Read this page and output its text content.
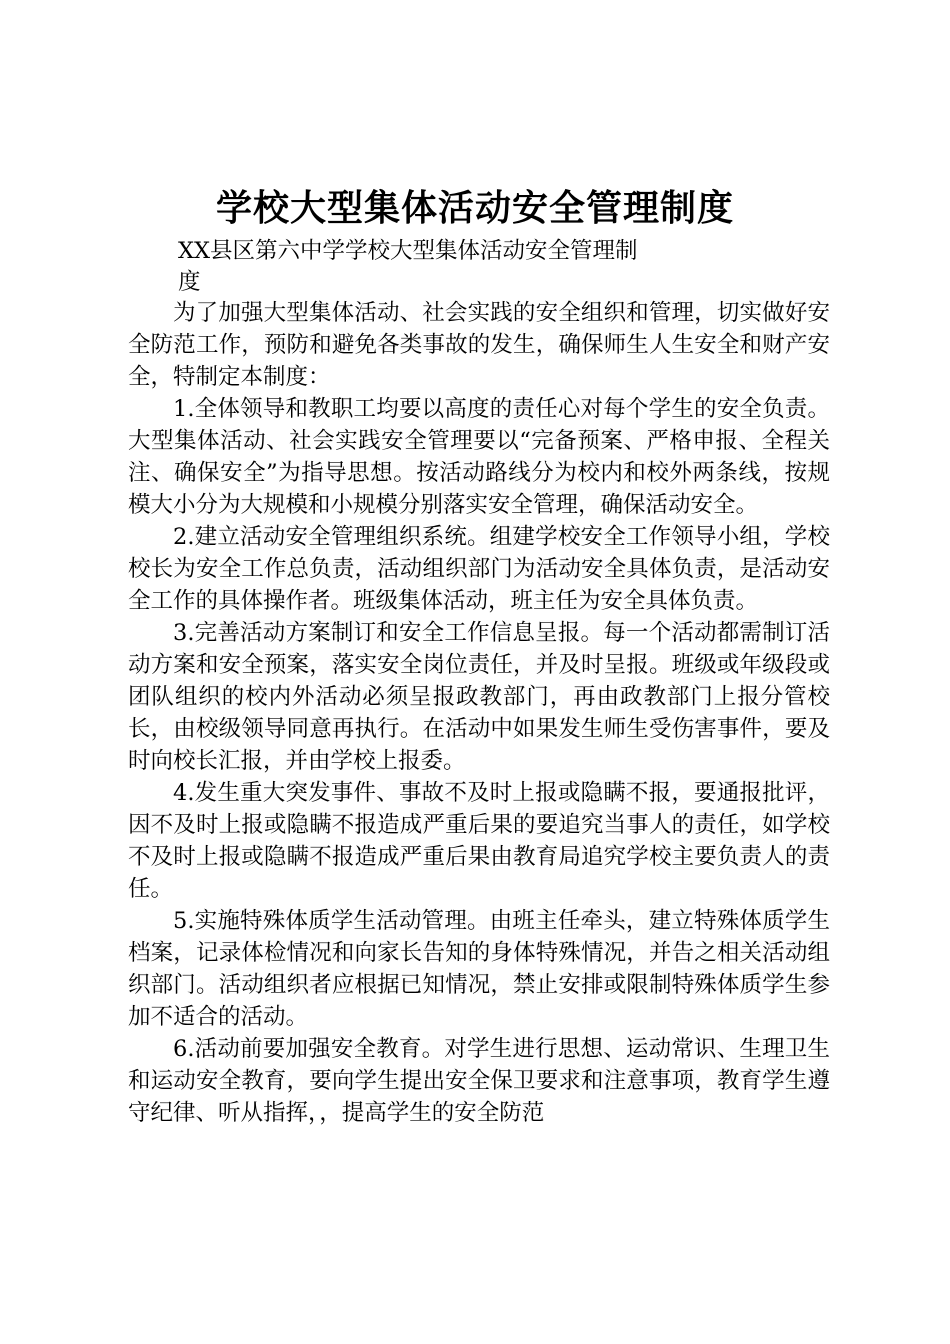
学校大型集体活动安全管理制度

XX县区第六中学学校大型集体活动安全管理制度

为了加强大型集体活动、社会实践的安全组织和管理，切实做好安全防范工作，预防和避免各类事故的发生，确保师生人生安全和财产安全，特制定本制度：

1.全体领导和教职工均要以高度的责任心对每个学生的安全负责。大型集体活动、社会实践安全管理要以“完备预案、严格申报、全程关注、确保安全”为指导思想。按活动路线分为校内和校外两条线，按规模大小分为大规模和小规模分别落实安全管理，确保活动安全。

2.建立活动安全管理组织系统。组建学校安全工作领导小组，学校校长为安全工作总负责，活动组织部门为活动安全具体负责，是活动安全工作的具体操作者。班级集体活动，班主任为安全具体负责。

3.完善活动方案制订和安全工作信息呈报。每一个活动都需制订活动方案和安全预案，落实安全岗位责任，并及时呈报。班级或年级段或团队组织的校内外活动必须呈报政教部门，再由政教部门上报分管校长，由校级领导同意再执行。在活动中如果发生师生受伤害事件，要及时向校长汇报，并由学校上报委。

4.发生重大突发事件、事故不及时上报或隐瞒不报，要通报批评，因不及时上报或隐瞒不报造成严重后果的要追究当事人的责任，如学校不及时上报或隐瞒不报造成严重后果由教育局追究学校主要负责人的责任。

5.实施特殊体质学生活动管理。由班主任牵头，建立特殊体质学生档案，记录体检情况和向家长告知的身体特殊情况，并告之相关活动组织部门。活动组织者应根据已知情况，禁止安排或限制特殊体质学生参加不适合的活动。

6.活动前要加强安全教育。对学生进行思想、运动常识、生理卫生和运动安全教育，要向学生提出安全保卫要求和注意事项，教育学生遵守纪律、听从指挥，，提高学生的安全防范
